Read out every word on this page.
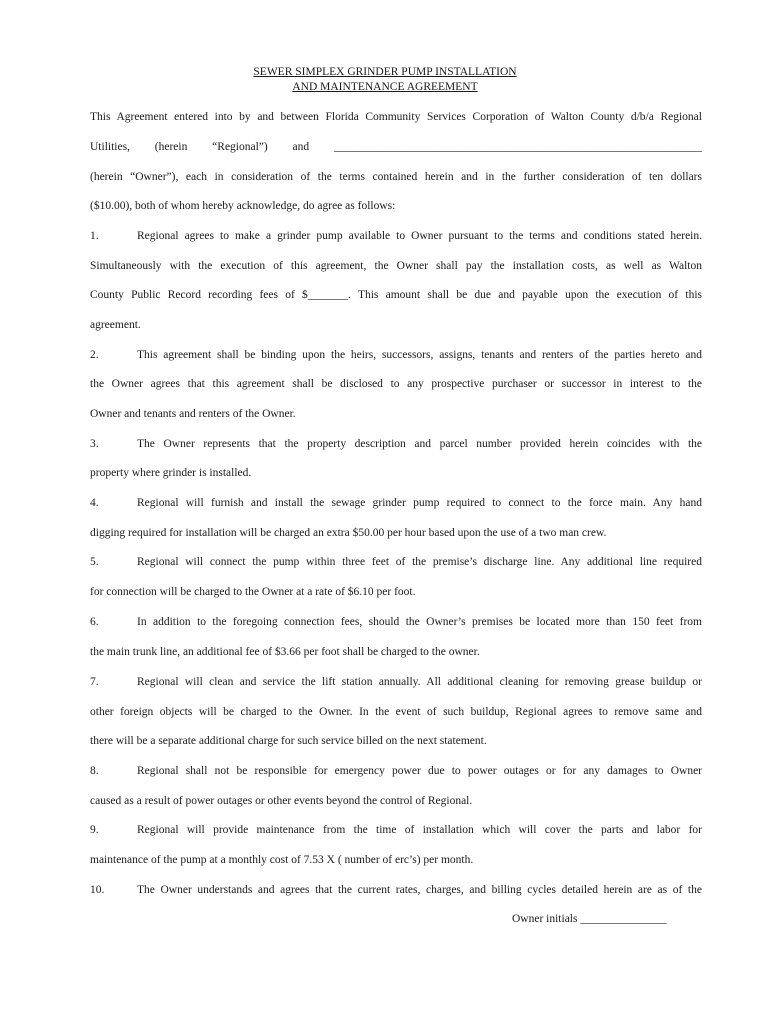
SEWER SIMPLEX GRINDER PUMP INSTALLATION
AND MAINTENANCE AGREEMENT
This Agreement entered into by and between Florida Community Services Corporation of Walton County d/b/a Regional
Utilities, (herein “Regional”) and ________________________________________________________________
(herein “Owner”), each in consideration of the terms contained herein and in the further consideration of ten dollars
($10.00), both of whom hereby acknowledge, do agree as follows:
1.	Regional agrees to make a grinder pump available to Owner pursuant to the terms and conditions stated herein.
Simultaneously with the execution of this agreement, the Owner shall pay the installation costs, as well as Walton
County Public Record recording fees of $_______. This amount shall be due and payable upon the execution of this
agreement.
2.	This agreement shall be binding upon the heirs, successors, assigns, tenants and renters of the parties hereto and
the Owner agrees that this agreement shall be disclosed to any prospective purchaser or successor in interest to the
Owner and tenants and renters of the Owner.
3.	The Owner represents that the property description and parcel number provided herein coincides with the
property where grinder is installed.
4.	Regional will furnish and install the sewage grinder pump required to connect to the force main. Any hand
digging required for installation will be charged an extra $50.00 per hour based upon the use of a two man crew.
5.	Regional will connect the pump within three feet of the premise’s discharge line. Any additional line required
for connection will be charged to the Owner at a rate of $6.10 per foot.
6.	In addition to the foregoing connection fees, should the Owner’s premises be located more than 150 feet from
the main trunk line, an additional fee of $3.66 per foot shall be charged to the owner.
7.	Regional will clean and service the lift station annually. All additional cleaning for removing grease buildup or
other foreign objects will be charged to the Owner. In the event of such buildup, Regional agrees to remove same and
there will be a separate additional charge for such service billed on the next statement.
8.	Regional shall not be responsible for emergency power due to power outages or for any damages to Owner
caused as a result of power outages or other events beyond the control of Regional.
9.	Regional will provide maintenance from the time of installation which will cover the parts and labor for
maintenance of the pump at a monthly cost of 7.53 X ( number of erc’s) per month.
10.	The Owner understands and agrees that the current rates, charges, and billing cycles detailed herein are as of the
Owner initials _______________
